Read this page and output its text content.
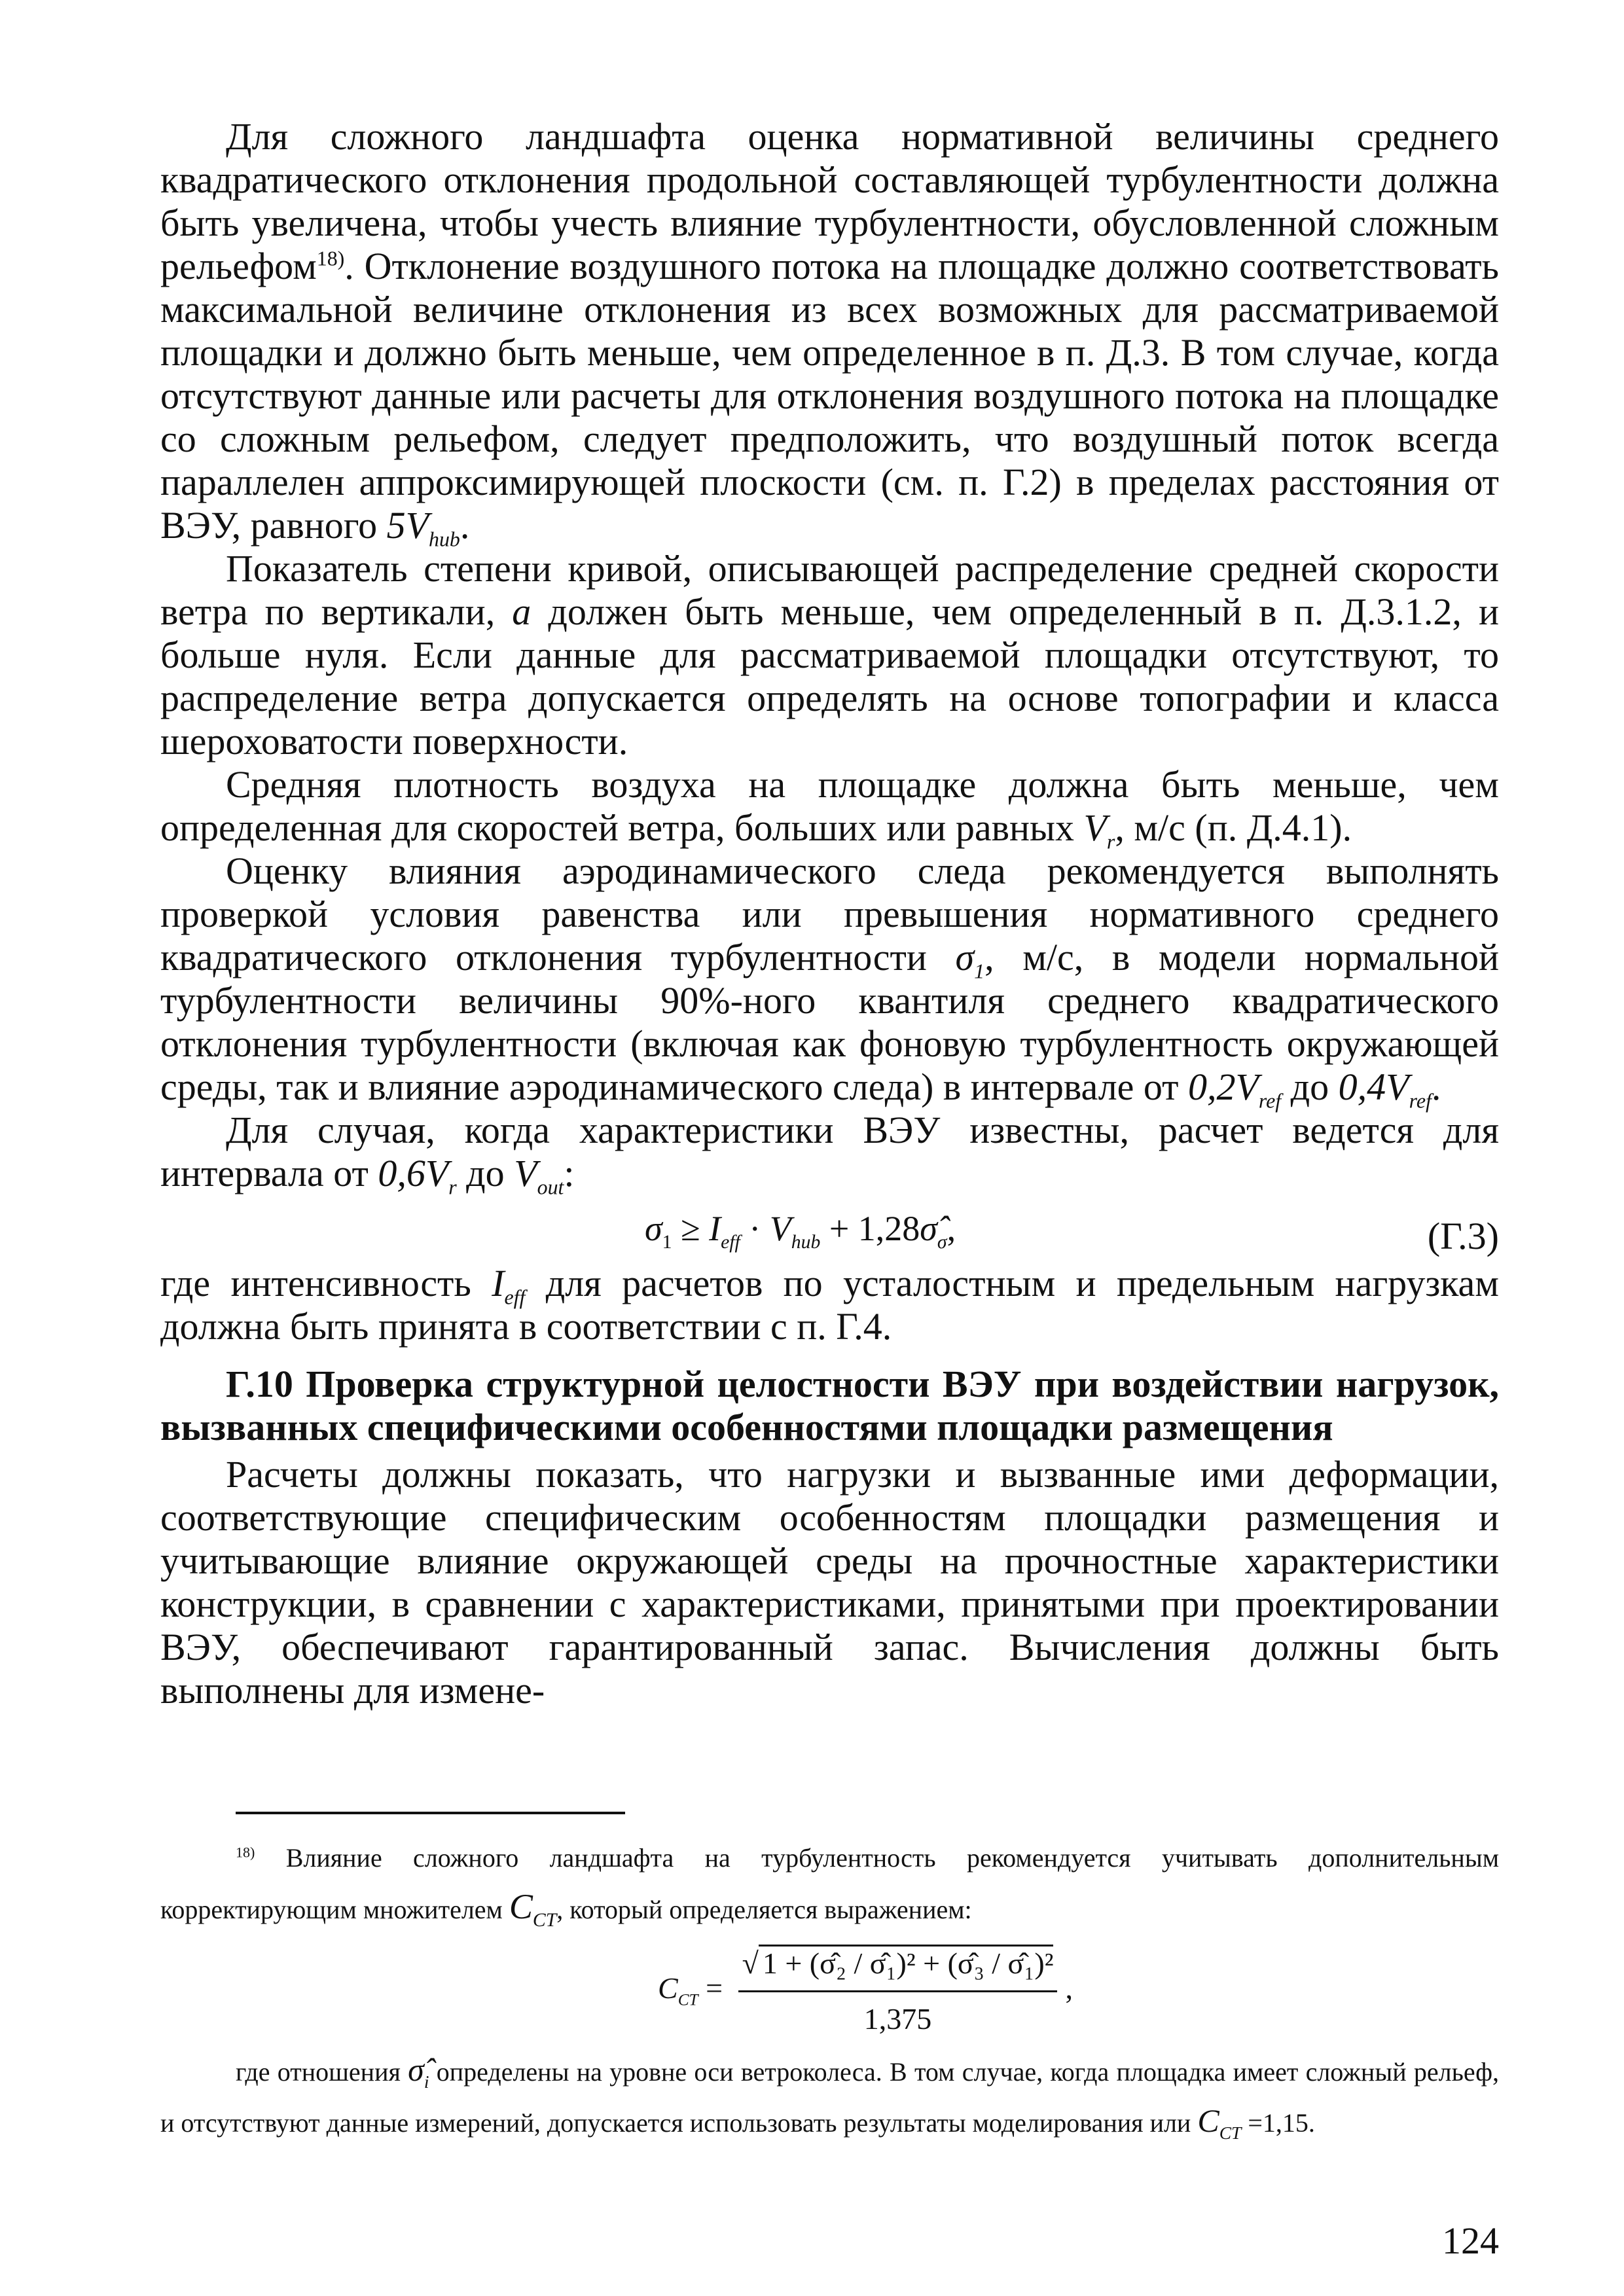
Для сложного ландшафта оценка нормативной величины среднего квадратического отклонения продольной составляющей турбулентности должна быть увеличена, чтобы учесть влияние турбулентности, обусловленной сложным рельефом$^{18)}$. Отклонение воздушного потока на площадке должно соответствовать максимальной величине отклонения из всех возможных для рассматриваемой площадки и должно быть меньше, чем определенное в п. Д.3. В том случае, когда отсутствуют данные или расчеты для отклонения воздушного потока на площадке со сложным рельефом, следует предположить, что воздушный поток всегда параллелен аппроксимирующей плоскости (см. п. Г.2) в пределах расстояния от ВЭУ, равного $5V_{hub}$.

Показатель степени кривой, описывающей распределение средней скорости ветра по вертикали, a должен быть меньше, чем определенный в п. Д.3.1.2, и больше нуля. Если данные для рассматриваемой площадки отсутствуют, то распределение ветра допускается определять на основе топографии и класса шероховатости поверхности.

Средняя плотность воздуха на площадке должна быть меньше, чем определенная для скоростей ветра, больших или равных $V_r$, м/с (п. Д.4.1).

Оценку влияния аэродинамического следа рекомендуется выполнять проверкой условия равенства или превышения нормативного среднего квадратического отклонения турбулентности $\sigma_1$, м/с, в модели нормальной турбулентности величины 90%-ного квантиля среднего квадратического отклонения турбулентности (включая как фоновую турбулентность окружающей среды, так и влияние аэродинамического следа) в интервале от $0,2V_{ref}$ до $0,4V_{ref}$.

Для случая, когда характеристики ВЭУ известны, расчет ведется для интервала от $0,6V_r$ до $V_{out}$:

$\sigma_1 \ge I_{eff} \cdot V_{hub}$ + $1,28\sigmâ_\sigma$,	(Г.3)

где интенсивность $I_{eff}$ для расчетов по усталостным и предельным нагрузкам должна быть принята в соответствии с п. Г.4.

Г.10 Проверка структурной целостности ВЭУ при воздействии нагрузок, вызванных специфическими особенностями площадки размещения

Расчеты должны показать, что нагрузки и вызванные ими деформации, соответствующие специфическим особенностям площадки размещения и учитывающие влияние окружающей среды на прочностные характеристики конструкции, в сравнении с характеристиками, принятыми при проектировании ВЭУ, обеспечивают гарантированный запас. Вычисления должны быть выполнены для измене-

$^{18)}$ Влияние сложного ландшафта на турбулентность рекомендуется учитывать дополнительным корректирующим множителем $C_{CT}$, который определяется выражением:

$C_{CT} = \frac{\text{√ 1 + (σ̂₂ / σ̂₁)² + (σ̂₃ / σ̂₁)²}}{1,375}$ ,

где отношения $\sigmâ_i$ определены на уровне оси ветроколеса. В том случае, когда площадка имеет сложный рельеф, и отсутствуют данные измерений, допускается использовать результаты моделирования или $C_{CT} =1,15$.

124
